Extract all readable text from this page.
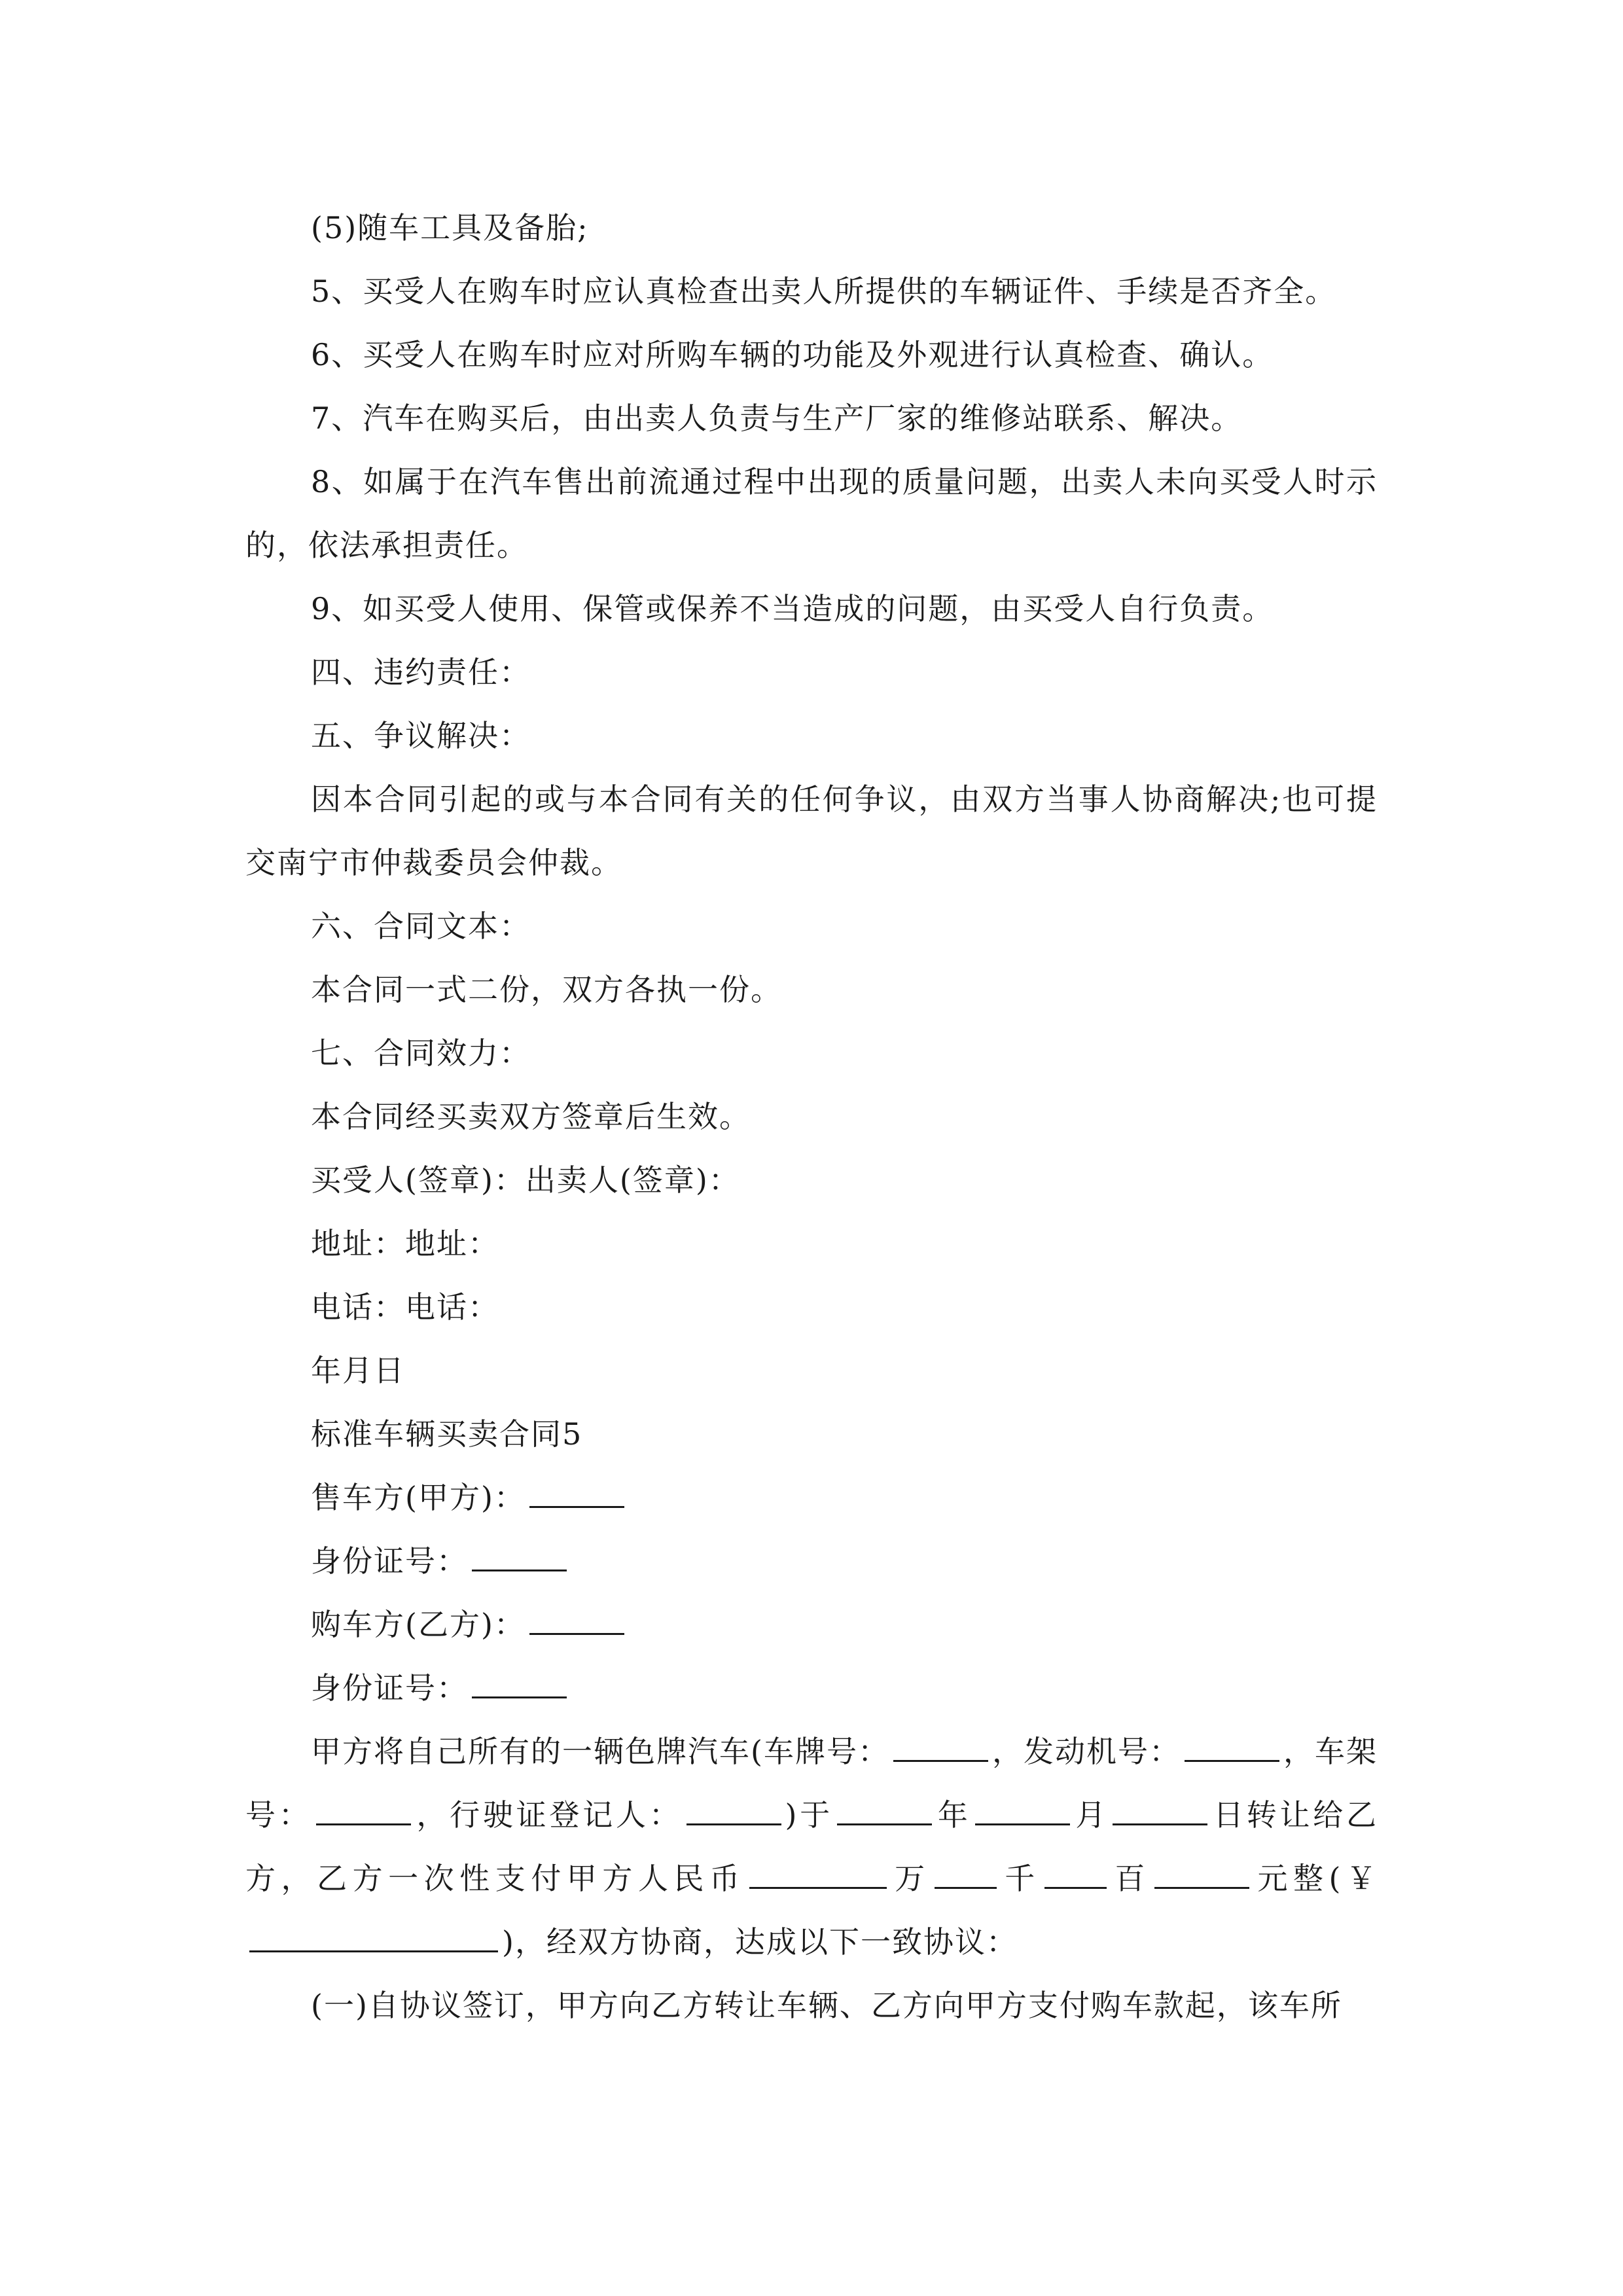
(5)随车工具及备胎;

5、买受人在购车时应认真检查出卖人所提供的车辆证件、手续是否齐全。

6、买受人在购车时应对所购车辆的功能及外观进行认真检查、确认。

7、汽车在购买后，由出卖人负责与生产厂家的维修站联系、解决。

8、如属于在汽车售出前流通过程中出现的质量问题，出卖人未向买受人时示的，依法承担责任。

9、如买受人使用、保管或保养不当造成的问题，由买受人自行负责。

四、违约责任：

五、争议解决：

因本合同引起的或与本合同有关的任何争议，由双方当事人协商解决;也可提交南宁市仲裁委员会仲裁。

六、合同文本：

本合同一式二份，双方各执一份。

七、合同效力：

本合同经买卖双方签章后生效。

买受人(签章)：出卖人(签章)：

地址：地址：

电话：电话：

年月日

标准车辆买卖合同5

售车方(甲方)：

身份证号：

购车方(乙方)：

身份证号：

甲方将自己所有的一辆色牌汽车(车牌号：	，发动机号：	，车架号：	，行驶证登记人：	)于	年	月	日转让给乙方，乙方一次性支付甲方人民币	万 千 百	元整(￥)，经双方协商，达成以下一致协议：

(一)自协议签订，甲方向乙方转让车辆、乙方向甲方支付购车款起，该车所
